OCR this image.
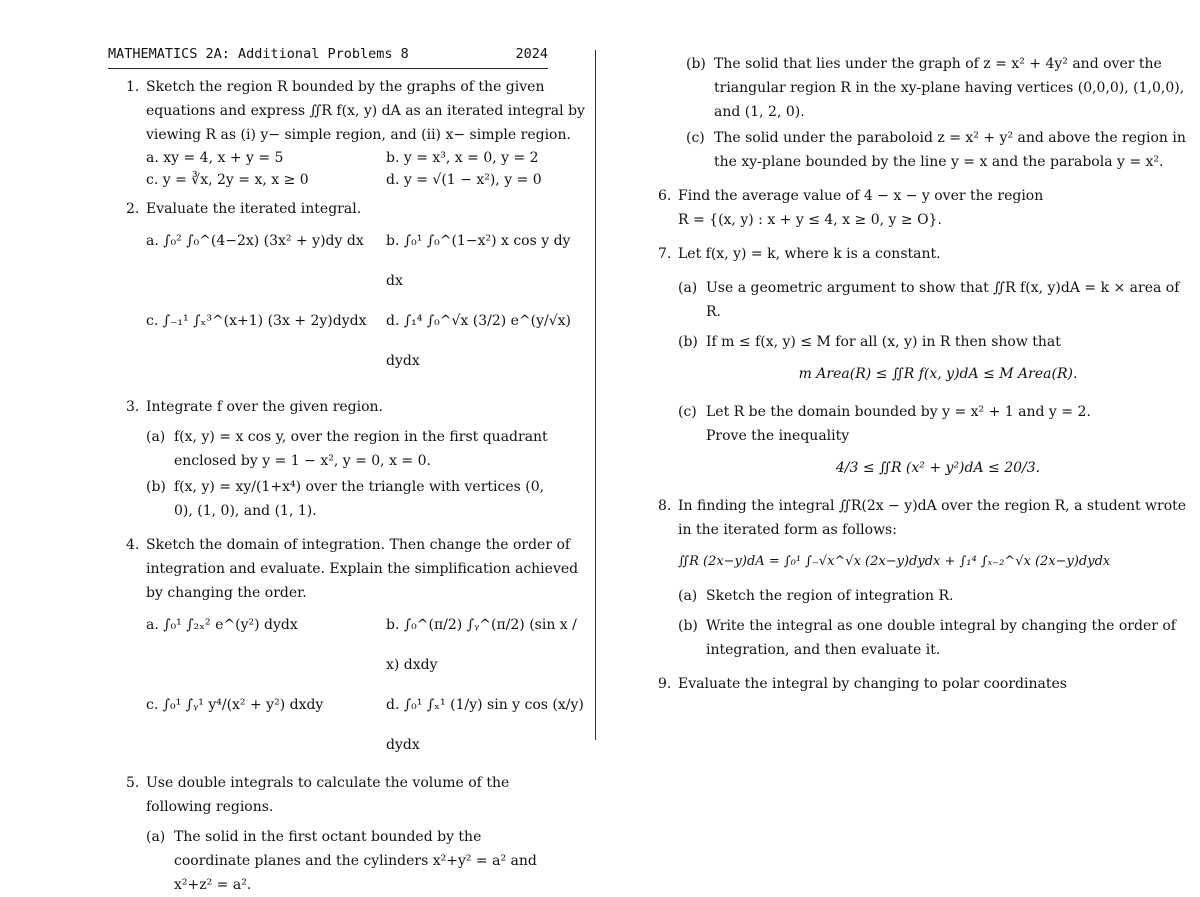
MATHEMATICS 2A: Additional Problems 8	2024
1. Sketch the region R bounded by the graphs of the given equations and express ∬R f(x, y) dA as an iterated integral by viewing R as (i) y− simple region, and (ii) x− simple region.
a. xy = 4, x + y = 5	b. y = x³, x = 0, y = 2
c. y = ∛x, 2y = x, x ≥ 0	d. y = √(1 − x²), y = 0
2. Evaluate the iterated integral.
a. ∫₀² ∫₀^(4−2x) (3x² + y)dy dx	b. ∫₀¹ ∫₀^(1−x²) x cos y dy dx
c. ∫₋₁¹ ∫ₓ³^(x+1) (3x + 2y)dydx	d. ∫₁⁴ ∫₀^√x (3/2) e^(y/√x) dydx
3. Integrate f over the given region.
(a) f(x, y) = x cos y, over the region in the first quadrant enclosed by y = 1 − x², y = 0, x = 0.
(b) f(x, y) = xy/(1+x⁴) over the triangle with vertices (0, 0), (1, 0), and (1, 1).
4. Sketch the domain of integration. Then change the order of integration and evaluate. Explain the simplification achieved by changing the order.
a. ∫₀¹ ∫₂ₓ² e^(y²) dydx	b. ∫₀^(π/2) ∫ᵧ^(π/2) (sin x / x) dxdy
c. ∫₀¹ ∫ᵧ¹ y⁴/(x² + y²) dxdy	d. ∫₀¹ ∫ₓ¹ (1/y) sin y cos (x/y) dydx
5. Use double integrals to calculate the volume of the following regions.
(a) The solid in the first octant bounded by the coordinate planes and the cylinders x²+y² = a² and x²+z² = a².
(b) The solid that lies under the graph of z = x² + 4y² and over the triangular region R in the xy-plane having vertices (0,0,0), (1,0,0), and (1, 2, 0).
(c) The solid under the paraboloid z = x² + y² and above the region in the xy-plane bounded by the line y = x and the parabola y = x².
6. Find the average value of 4 − x − y over the region
R = {(x, y) : x + y ≤ 4, x ≥ 0, y ≥ O}.
7. Let f(x, y) = k, where k is a constant.
(a) Use a geometric argument to show that ∬R f(x, y)dA = k × area of R.
(b) If m ≤ f(x, y) ≤ M for all (x, y) in R then show that
m Area(R) ≤ ∬R f(x, y)dA ≤ M Area(R).
(c) Let R be the domain bounded by y = x² + 1 and y = 2.
Prove the inequality
4/3 ≤ ∬R (x² + y²)dA ≤ 20/3.
8. In finding the integral ∬R(2x − y)dA over the region R, a student wrote in the iterated form as follows:
∬R (2x−y)dA = ∫₀¹ ∫₋√x^√x (2x−y)dydx + ∫₁⁴ ∫ₓ₋₂^√x (2x−y)dydx
(a) Sketch the region of integration R.
(b) Write the integral as one double integral by changing the order of integration, and then evaluate it.
9. Evaluate the integral by changing to polar coordinates
